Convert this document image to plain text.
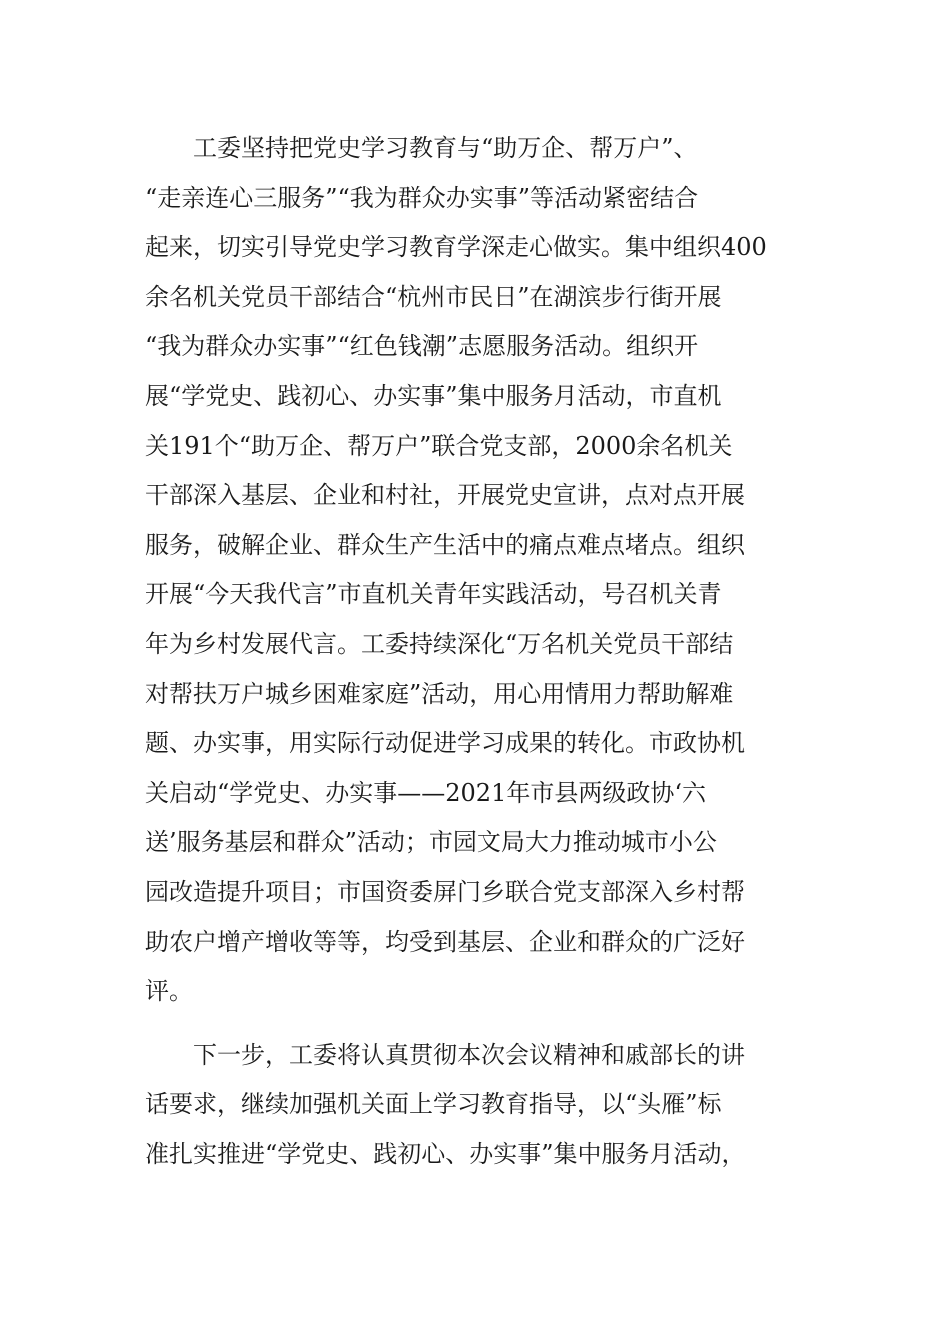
工委坚持把党史学习教育与“助万企、帮万户”、
“走亲连心三服务”“我为群众办实事”等活动紧密结合
起来，切实引导党史学习教育学深走心做实。集中组织400
余名机关党员干部结合“杭州市民日”在湖滨步行街开展
“我为群众办实事”“红色钱潮”志愿服务活动。组织开
展“学党史、践初心、办实事”集中服务月活动，市直机
关191个“助万企、帮万户”联合党支部，2000余名机关
干部深入基层、企业和村社，开展党史宣讲，点对点开展
服务，破解企业、群众生产生活中的痛点难点堵点。组织
开展“今天我代言”市直机关青年实践活动，号召机关青
年为乡村发展代言。工委持续深化“万名机关党员干部结
对帮扶万户城乡困难家庭”活动，用心用情用力帮助解难
题、办实事，用实际行动促进学习成果的转化。市政协机
关启动“学党史、办实事——2021年市县两级政协‘六
送’服务基层和群众”活动；市园文局大力推动城市小公
园改造提升项目；市国资委屏门乡联合党支部深入乡村帮
助农户增产增收等等，均受到基层、企业和群众的广泛好
评。
下一步，工委将认真贯彻本次会议精神和戚部长的讲
话要求，继续加强机关面上学习教育指导，以“头雁”标
准扎实推进“学党史、践初心、办实事”集中服务月活动，
